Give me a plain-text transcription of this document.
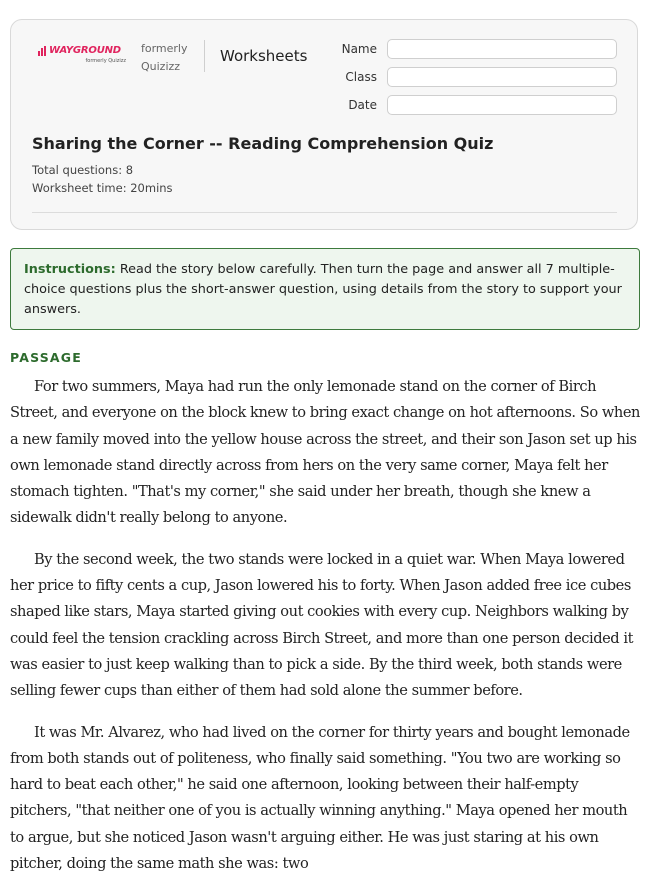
WAYGROUND
formerly Quizizz
formerly
Quizizz
Worksheets	Name
Class
Date
Sharing the Corner -- Reading Comprehension Quiz
Total questions: 8
Worksheet time: 20mins
Instructions: Read the story below carefully. Then turn the page and answer all 7 multiple-choice questions plus the short-answer question, using details from the story to support your answers.
PASSAGE

For two summers, Maya had run the only lemonade stand on the corner of Birch Street, and everyone on the block knew to bring exact change on hot afternoons. So when a new family moved into the yellow house across the street, and their son Jason set up his own lemonade stand directly across from hers on the very same corner, Maya felt her stomach tighten. "That's my corner," she said under her breath, though she knew a sidewalk didn't really belong to anyone.

By the second week, the two stands were locked in a quiet war. When Maya lowered her price to fifty cents a cup, Jason lowered his to forty. When Jason added free ice cubes shaped like stars, Maya started giving out cookies with every cup. Neighbors walking by could feel the tension crackling across Birch Street, and more than one person decided it was easier to just keep walking than to pick a side. By the third week, both stands were selling fewer cups than either of them had sold alone the summer before.

It was Mr. Alvarez, who had lived on the corner for thirty years and bought lemonade from both stands out of politeness, who finally said something. "You two are working so hard to beat each other," he said one afternoon, looking between their half-empty pitchers, "that neither one of you is actually winning anything." Maya opened her mouth to argue, but she noticed Jason wasn't arguing either. He was just staring at his own pitcher, doing the same math she was: two
